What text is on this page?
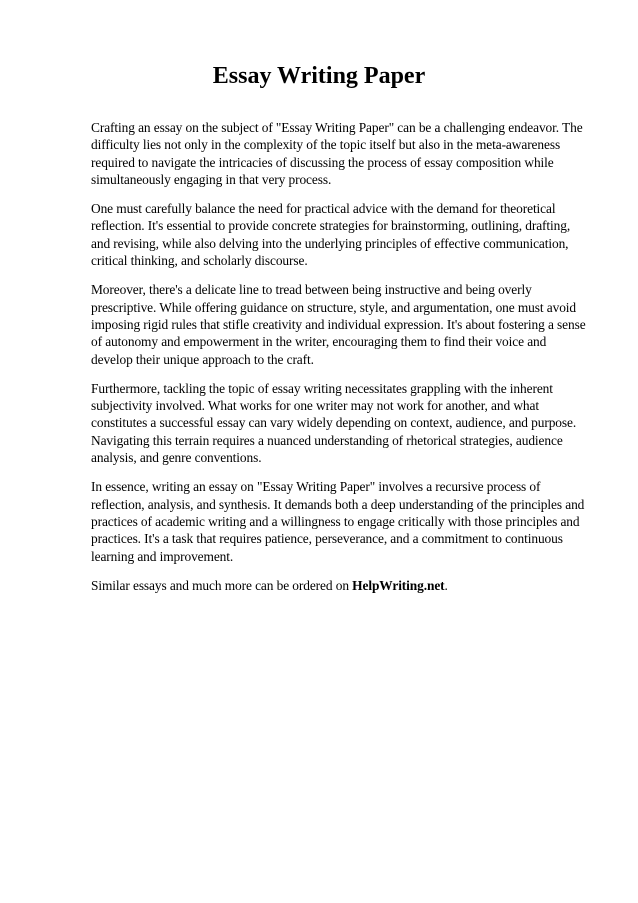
Essay Writing Paper

Crafting an essay on the subject of "Essay Writing Paper" can be a challenging endeavor. The difficulty lies not only in the complexity of the topic itself but also in the meta-awareness required to navigate the intricacies of discussing the process of essay composition while simultaneously engaging in that very process.

One must carefully balance the need for practical advice with the demand for theoretical reflection. It's essential to provide concrete strategies for brainstorming, outlining, drafting, and revising, while also delving into the underlying principles of effective communication, critical thinking, and scholarly discourse.

Moreover, there's a delicate line to tread between being instructive and being overly prescriptive. While offering guidance on structure, style, and argumentation, one must avoid imposing rigid rules that stifle creativity and individual expression. It's about fostering a sense of autonomy and empowerment in the writer, encouraging them to find their voice and develop their unique approach to the craft.

Furthermore, tackling the topic of essay writing necessitates grappling with the inherent subjectivity involved. What works for one writer may not work for another, and what constitutes a successful essay can vary widely depending on context, audience, and purpose. Navigating this terrain requires a nuanced understanding of rhetorical strategies, audience analysis, and genre conventions.

In essence, writing an essay on "Essay Writing Paper" involves a recursive process of reflection, analysis, and synthesis. It demands both a deep understanding of the principles and practices of academic writing and a willingness to engage critically with those principles and practices. It's a task that requires patience, perseverance, and a commitment to continuous learning and improvement.

Similar essays and much more can be ordered on HelpWriting.net.
